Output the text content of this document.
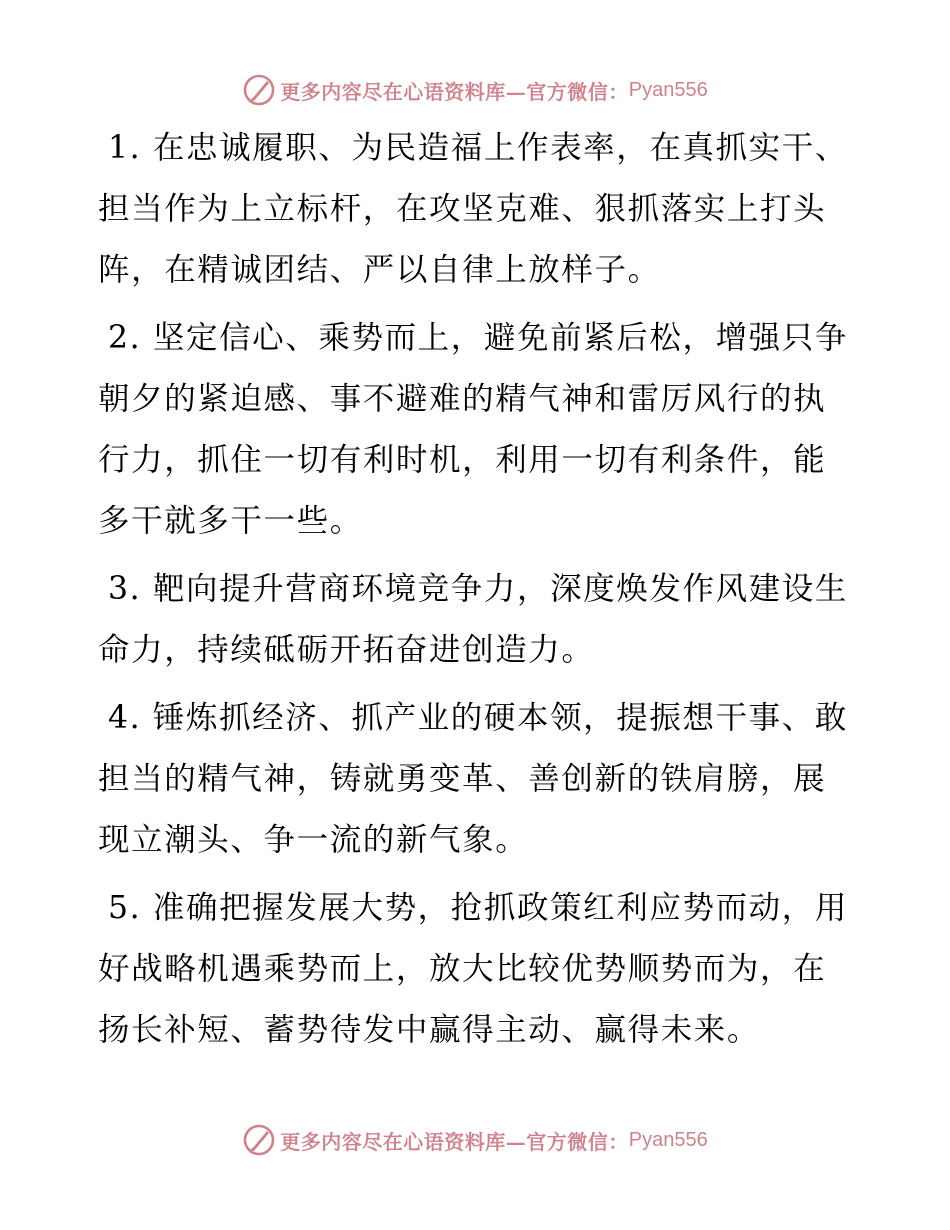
更多内容尽在心语资料库—官方微信： Pyan556

1. 在忠诚履职、为民造福上作表率，在真抓实干、担当作为上立标杆，在攻坚克难、狠抓落实上打头阵，在精诚团结、严以自律上放样子。

2. 坚定信心、乘势而上，避免前紧后松，增强只争朝夕的紧迫感、事不避难的精气神和雷厉风行的执行力，抓住一切有利时机，利用一切有利条件，能多干就多干一些。

3. 靶向提升营商环境竞争力，深度焕发作风建设生命力，持续砥砺开拓奋进创造力。

4. 锤炼抓经济、抓产业的硬本领，提振想干事、敢担当的精气神，铸就勇变革、善创新的铁肩膀，展现立潮头、争一流的新气象。

5. 准确把握发展大势，抢抓政策红利应势而动，用好战略机遇乘势而上，放大比较优势顺势而为，在扬长补短、蓄势待发中赢得主动、赢得未来。

更多内容尽在心语资料库—官方微信： Pyan556
